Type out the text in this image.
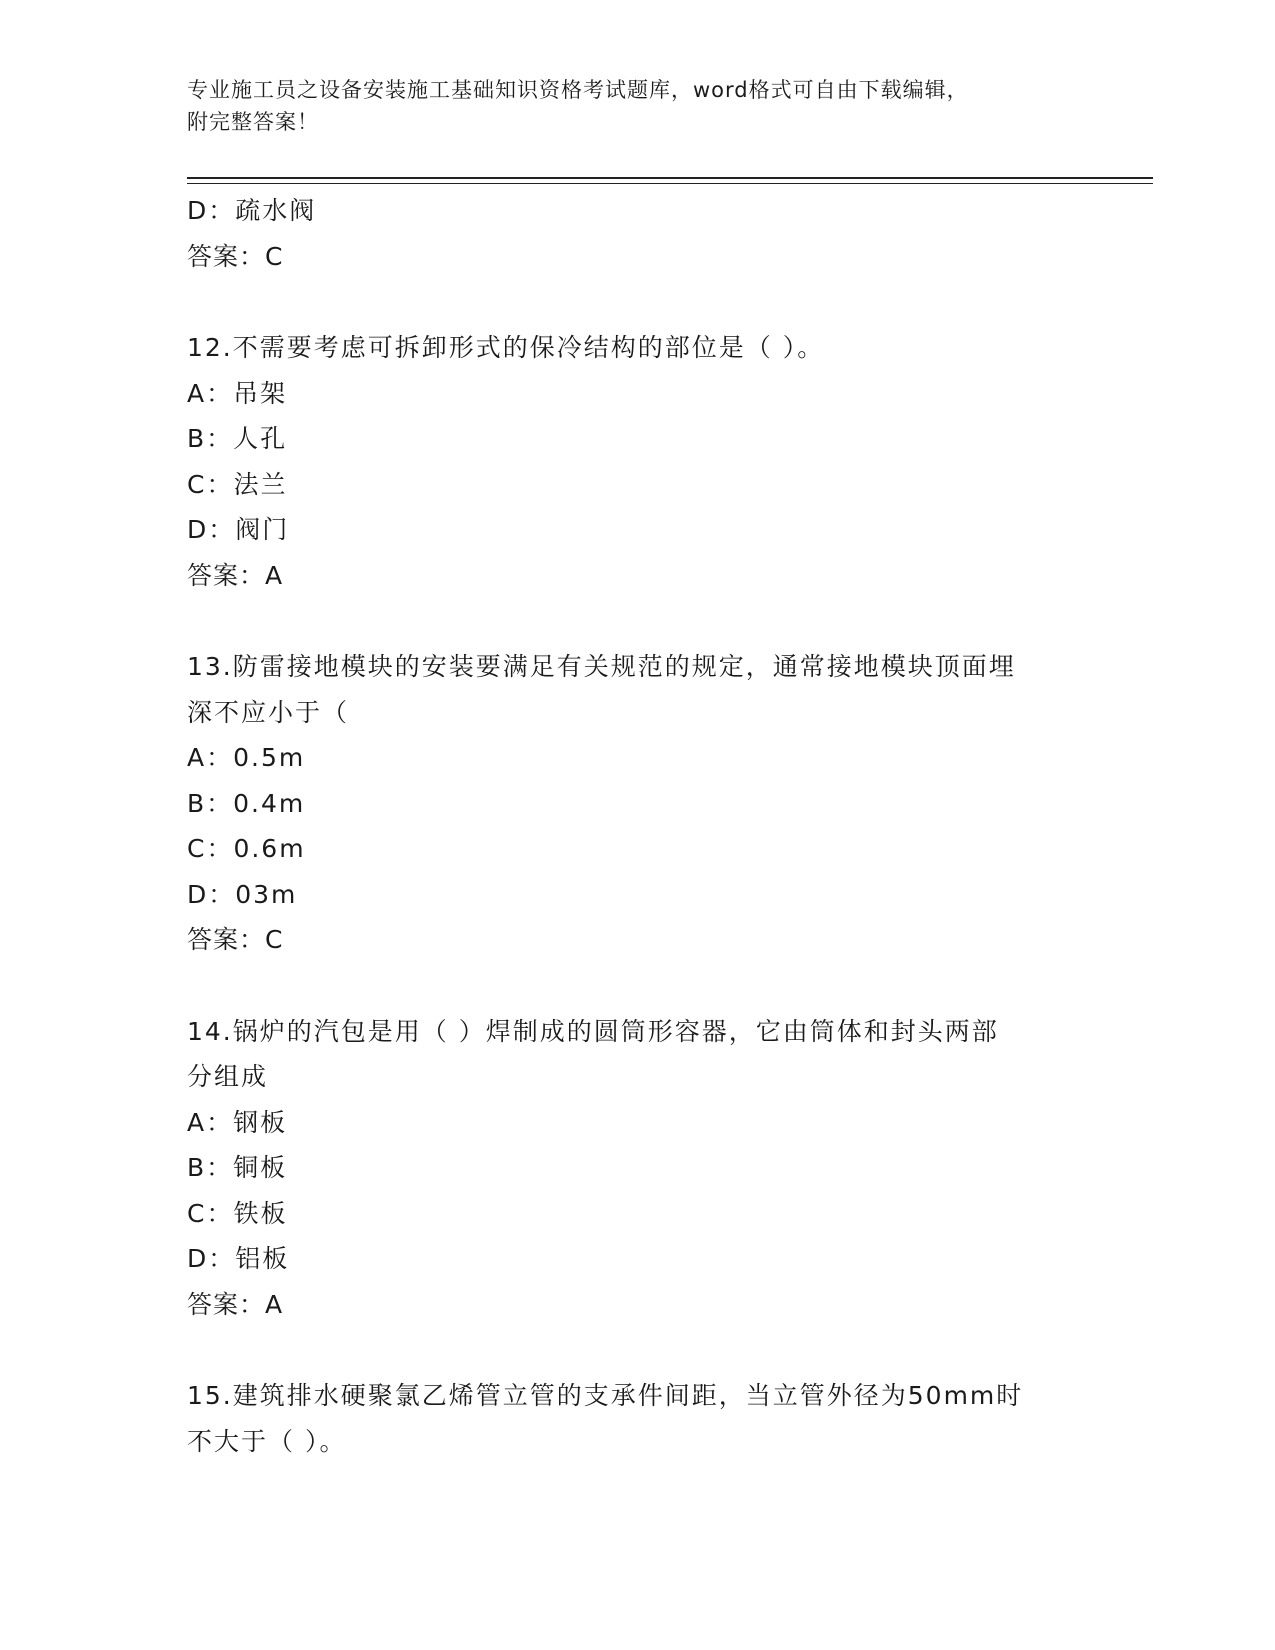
专业施工员之设备安装施工基础知识资格考试题库，word格式可自由下载编辑，
附完整答案！
D：疏水阀
答案：C
12.不需要考虑可拆卸形式的保冷结构的部位是（ ）。
A：吊架
B：人孔
C：法兰
D：阀门
答案：A
13.防雷接地模块的安装要满足有关规范的规定，通常接地模块顶面埋
深不应小于（
A：0.5m
B：0.4m
C：0.6m
D：03m
答案：C
14.锅炉的汽包是用（ ）焊制成的圆筒形容器，它由筒体和封头两部
分组成
A：钢板
B：铜板
C：铁板
D：铝板
答案：A
15.建筑排水硬聚氯乙烯管立管的支承件间距，当立管外径为50mm时
不大于（ ）。
